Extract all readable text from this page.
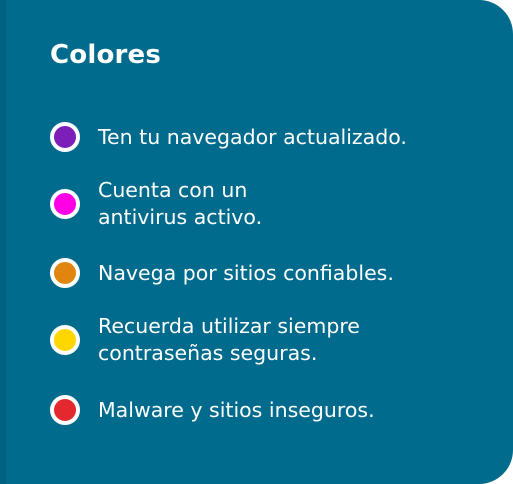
Colores
Ten tu navegador actualizado.
Cuenta con un
antivirus activo.
Navega por sitios confiables.
Recuerda utilizar siempre
contraseñas seguras.
Malware y sitios inseguros.
